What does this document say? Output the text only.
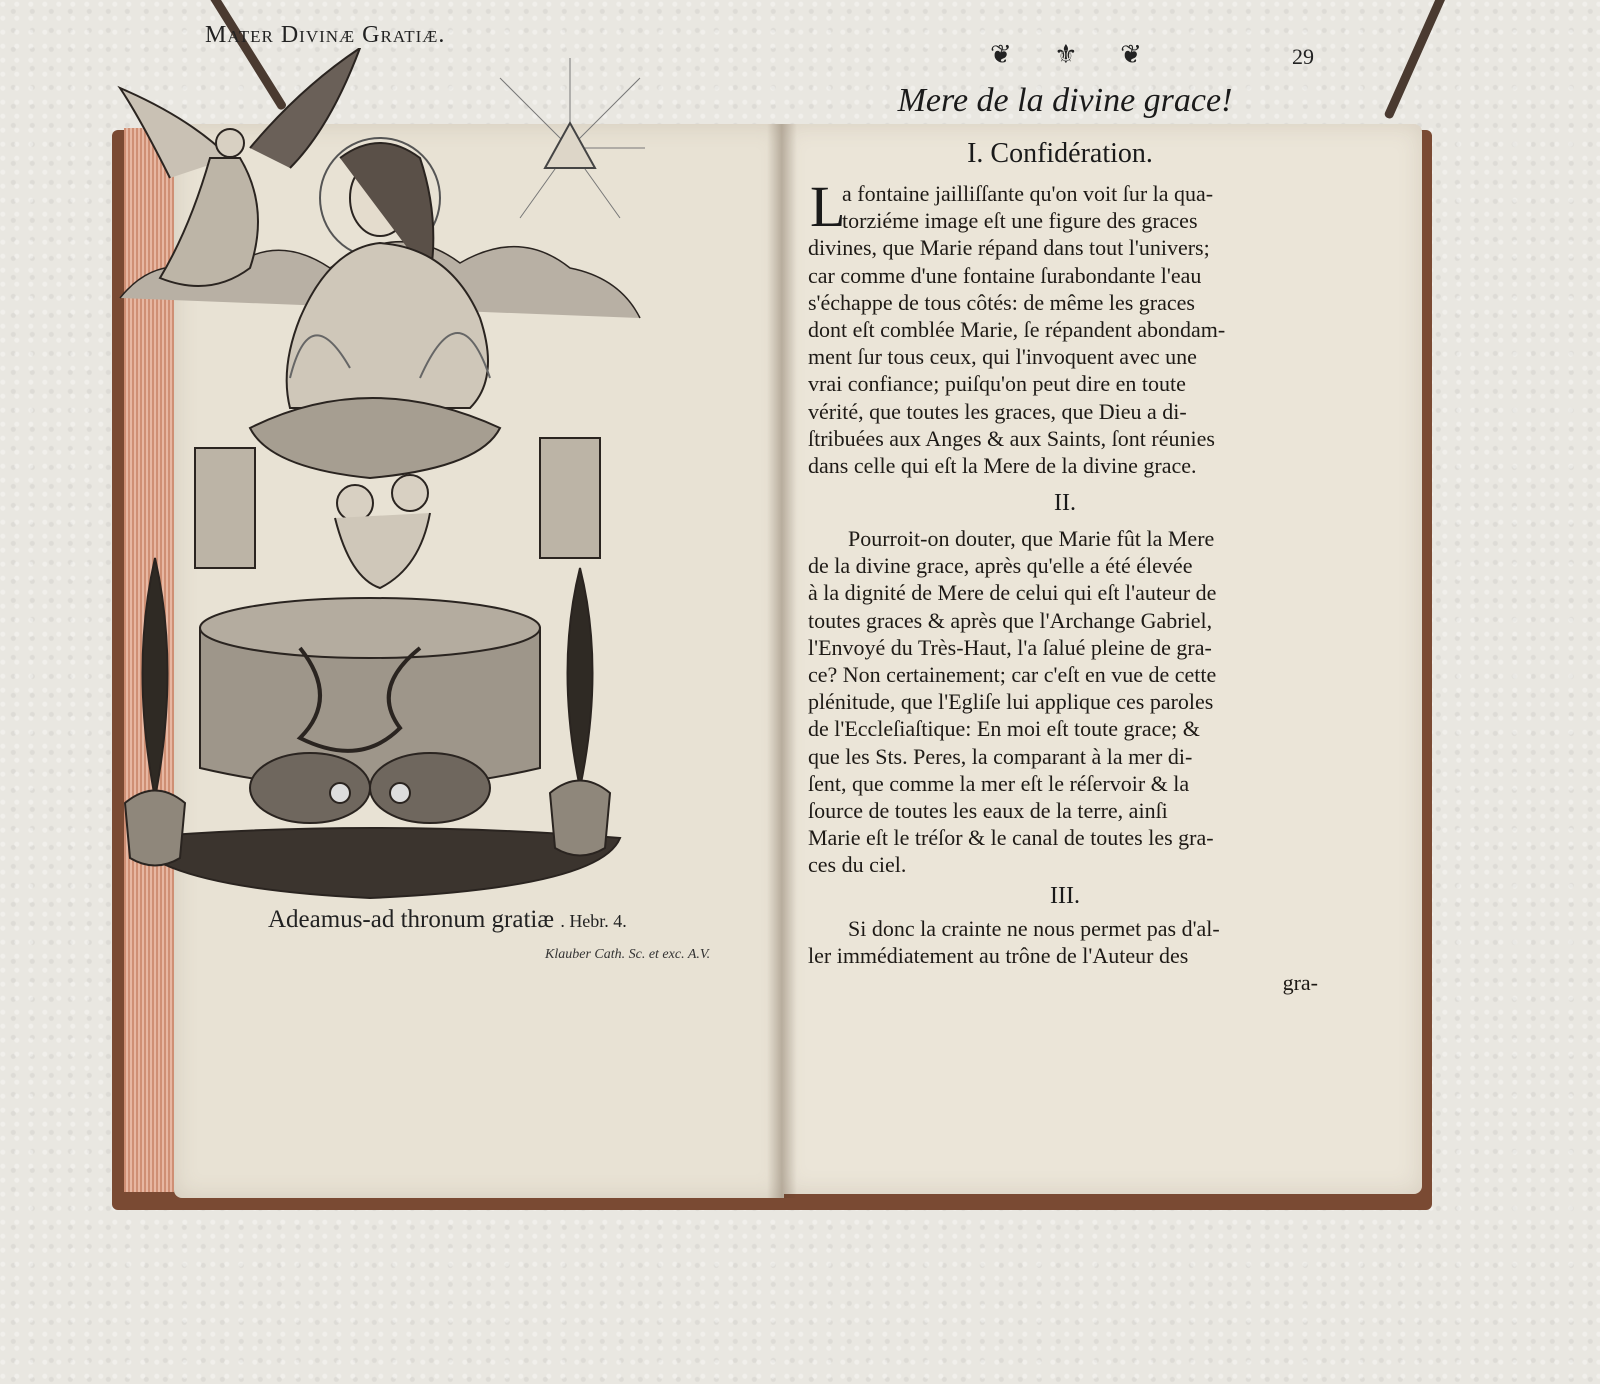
Mater Divinæ Gratiæ.
Adeamus-ad thronum gratiæ . Hebr. 4.
Klauber Cath. Sc. et exc. A.V.
❦ ⚜ ❦	29
Mere de la divine grace!
I. Confidération.
L
a fontaine jailliſſante qu'on voit ſur la qua-
torziéme image eſt une figure des graces
divines, que Marie répand dans tout l'univers;
car comme d'une fontaine ſurabondante l'eau
s'échappe de tous côtés: de même les graces
dont eſt comblée Marie, ſe répandent abondam-
ment ſur tous ceux, qui l'invoquent avec une
vrai confiance; puiſqu'on peut dire en toute
vérité, que toutes les graces, que Dieu a di-
ſtribuées aux Anges & aux Saints, ſont réunies
dans celle qui eſt la Mere de la divine grace.
II.
Pourroit-on douter, que Marie fût la Mere
de la divine grace, après qu'elle a été élevée
à la dignité de Mere de celui qui eſt l'auteur de
toutes graces & après que l'Archange Gabriel,
l'Envoyé du Très-Haut, l'a ſalué pleine de gra-
ce? Non certainement; car c'eſt en vue de cette
plénitude, que l'Egliſe lui applique ces paroles
de l'Eccleſiaſtique: En moi eſt toute grace; &
que les Sts. Peres, la comparant à la mer di-
ſent, que comme la mer eſt le réſervoir & la
ſource de toutes les eaux de la terre, ainſi
Marie eſt le tréſor & le canal de toutes les gra-
ces du ciel.
III.
Si donc la crainte ne nous permet pas d'al-
ler immédiatement au trône de l'Auteur des
gra-
